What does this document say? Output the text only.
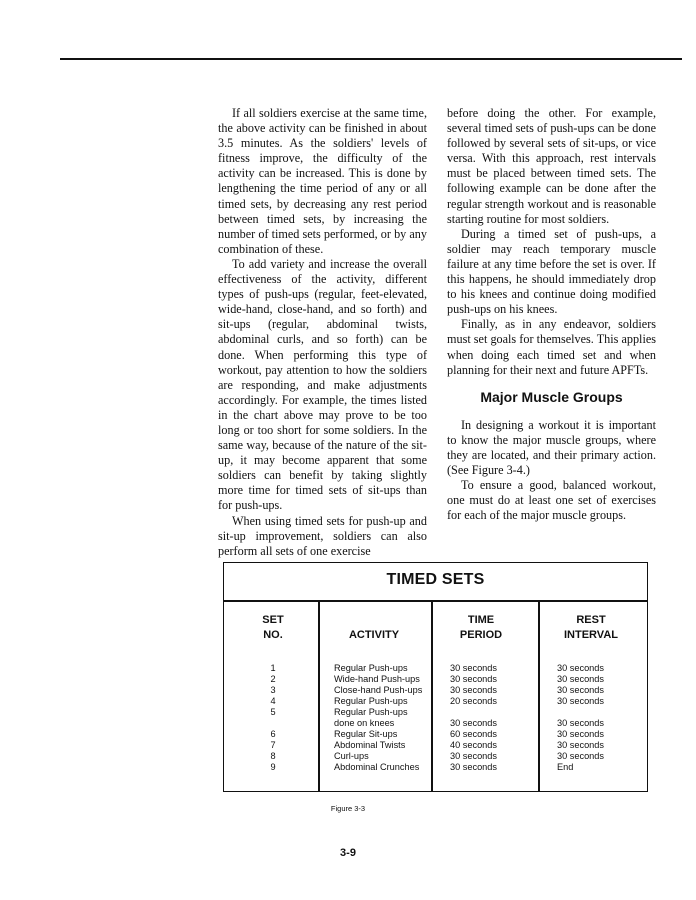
If all soldiers exercise at the same time, the above activity can be finished in about 3.5 minutes. As the soldiers' levels of fitness improve, the difficulty of the activity can be increased. This is done by lengthening the time period of any or all timed sets, by decreasing any rest period between timed sets, by increasing the number of timed sets performed, or by any combination of these.

To add variety and increase the overall effectiveness of the activity, different types of push-ups (regular, feet-elevated, wide-hand, close-hand, and so forth) and sit-ups (regular, abdominal twists, abdominal curls, and so forth) can be done. When performing this type of workout, pay attention to how the soldiers are responding, and make adjustments accordingly. For example, the times listed in the chart above may prove to be too long or too short for some soldiers. In the same way, because of the nature of the sit-up, it may become apparent that some soldiers can benefit by taking slightly more time for timed sets of sit-ups than for push-ups.

When using timed sets for push-up and sit-up improvement, soldiers can also perform all sets of one exercise

before doing the other. For example, several timed sets of push-ups can be done followed by several sets of sit-ups, or vice versa. With this approach, rest intervals must be placed between timed sets. The following example can be done after the regular strength workout and is reasonable starting routine for most soldiers.

During a timed set of push-ups, a soldier may reach temporary muscle failure at any time before the set is over. If this happens, he should immediately drop to his knees and continue doing modified push-ups on his knees.

Finally, as in any endeavor, soldiers must set goals for themselves. This applies when doing each timed set and when planning for their next and future APFTs.

Major Muscle Groups

In designing a workout it is important to know the major muscle groups, where they are located, and their primary action. (See Figure 3-4.)

To ensure a good, balanced workout, one must do at least one set of exercises for each of the major muscle groups.

TIMED SETS
SET
NO.	ACTIVITY
TIME
PERIOD
REST
INTERVAL
1
2
3
4
5

6
7
8
9
Regular Push-ups
Wide-hand Push-ups
Close-hand Push-ups
Regular Push-ups
Regular Push-ups
done on knees
Regular Sit-ups
Abdominal Twists
Curl-ups
Abdominal Crunches
30 seconds
30 seconds
30 seconds
20 seconds

30 seconds
60 seconds
40 seconds
30 seconds
30 seconds
30 seconds
30 seconds
30 seconds
30 seconds

30 seconds
30 seconds
30 seconds
30 seconds
End
Figure 3-3
3-9
